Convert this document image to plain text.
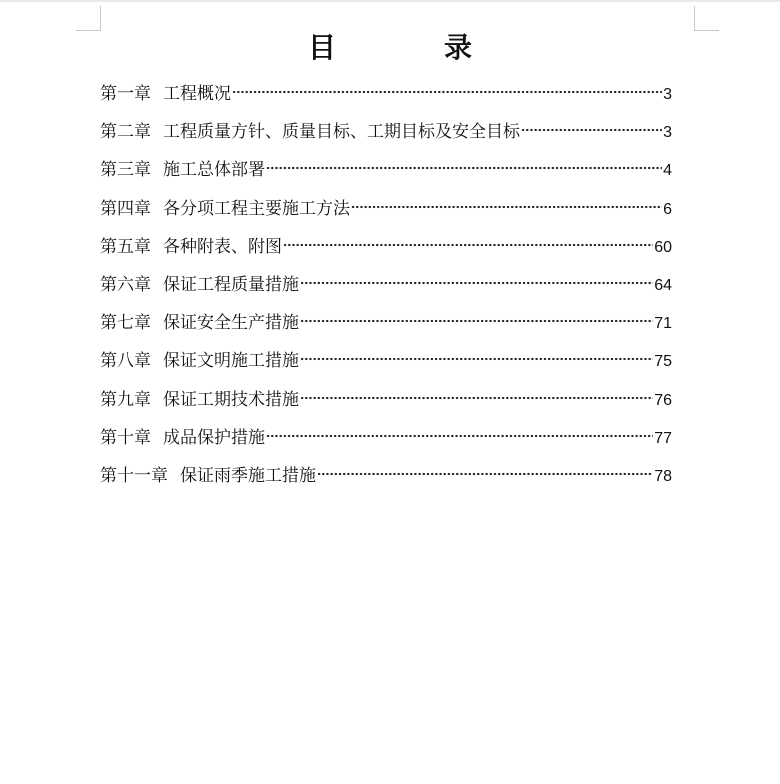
目	录
第一章 工程概况	3
第二章 工程质量方针、质量目标、工期目标及安全目标	3
第三章 施工总体部署	4
第四章 各分项工程主要施工方法	6
第五章 各种附表、附图	60
第六章 保证工程质量措施	64
第七章 保证安全生产措施	71
第八章 保证文明施工措施	75
第九章 保证工期技术措施	76
第十章 成品保护措施	77
第十一章 保证雨季施工措施	78
